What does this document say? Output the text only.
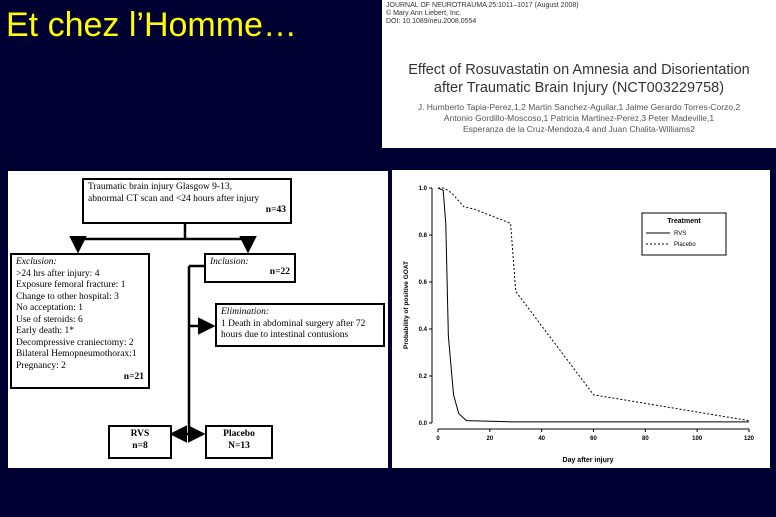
Et chez l’Homme…
JOURNAL OF NEUROTRAUMA 25:1011–1017 (August 2008)
© Mary Ann Liebert, Inc.
DOI: 10.1089/neu.2008.0554
Effect of Rosuvastatin on Amnesia and Disorientation
after Traumatic Brain Injury (NCT003229758)
J. Humberto Tapia-Perez,1,2 Martin Sanchez-Aguilar,1 Jaime Gerardo Torres-Corzo,2
Antonio Gordillo-Moscoso,1 Patricia Martinez-Perez,3 Peter Madeville,1
Esperanza de la Cruz-Mendoza,4 and Juan Chalita-Williams2
Traumatic brain injury Glasgow 9-13,
abnormal CT scan and <24 hours after injury
n=43
Exclusion:
>24 hrs after injury: 4
Exposure femoral fracture: 1
Change to other hospital: 3
No acceptation: 1
Use of steroids: 6
Early death: 1*
Decompressive craniectomy: 2
Bilateral Hemopneumothorax:1
Pregnancy: 2
n=21
Inclusion:
n=22
Elimination:
1 Death in abdominal surgery after 72
hours due to intestinal contusions
RVS
n=8
Placebo
N=13
0.0
0.2
0.4
0.6
0.8
1.0
0	20	40	60	80	100	120
Day after injury
Probability of positive GOAT
Treatment
RVS
Placebo
